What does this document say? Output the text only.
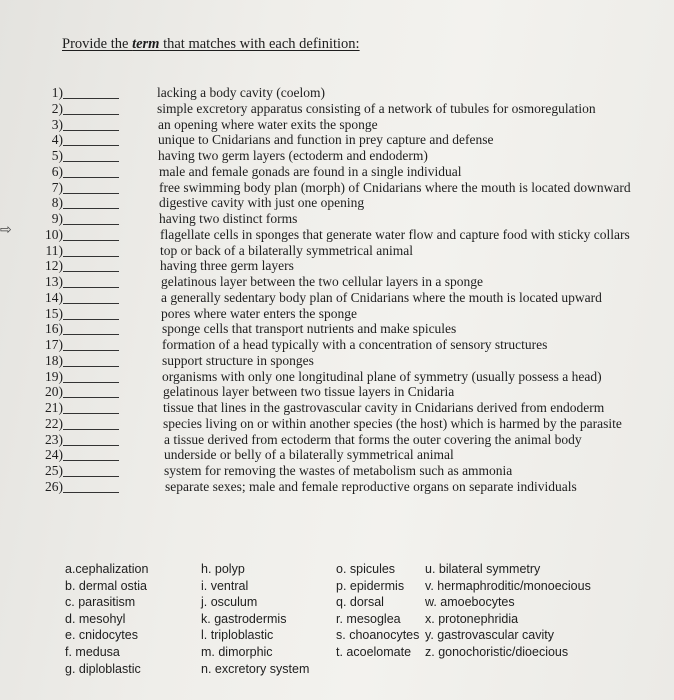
Provide the term that matches with each definition:
⇨
1)	lacking a body cavity (coelom)
2)	simple excretory apparatus consisting of a network of tubules for osmoregulation
3)	an opening where water exits the sponge
4)	unique to Cnidarians and function in prey capture and defense
5)	having two germ layers (ectoderm and endoderm)
6)	male and female gonads are found in a single individual
7)	free swimming body plan (morph) of Cnidarians where the mouth is located downward
8)	digestive cavity with just one opening
9)	having two distinct forms
10)	flagellate cells in sponges that generate water flow and capture food with sticky collars
11)	top or back of a bilaterally symmetrical animal
12)	having three germ layers
13)	gelatinous layer between the two cellular layers in a sponge
14)	a generally sedentary body plan of Cnidarians where the mouth is located upward
15)	pores where water enters the sponge
16)	sponge cells that transport nutrients and make spicules
17)	formation of a head typically with a concentration of sensory structures
18)	support structure in sponges
19)	organisms with only one longitudinal plane of symmetry (usually possess a head)
20)	gelatinous layer between two tissue layers in Cnidaria
21)	tissue that lines in the gastrovascular cavity in Cnidarians derived from endoderm
22)	species living on or within another species (the host) which is harmed by the parasite
23)	a tissue derived from ectoderm that forms the outer covering the animal body
24)	underside or belly of a bilaterally symmetrical animal
25)	system for removing the wastes of metabolism such as ammonia
26)	separate sexes; male and female reproductive organs on separate individuals
a.cephalization
b. dermal ostia
c. parasitism
d. mesohyl
e. cnidocytes
f. medusa
g. diploblastic
h. polyp
i. ventral
j. osculum
k. gastrodermis
l. triploblastic
m. dimorphic
n. excretory system
o. spicules
p. epidermis
q. dorsal
r. mesoglea
s. choanocytes
t. acoelomate
u. bilateral symmetry
v. hermaphroditic/monoecious
w. amoebocytes
x. protonephridia
y. gastrovascular cavity
z. gonochoristic/dioecious
